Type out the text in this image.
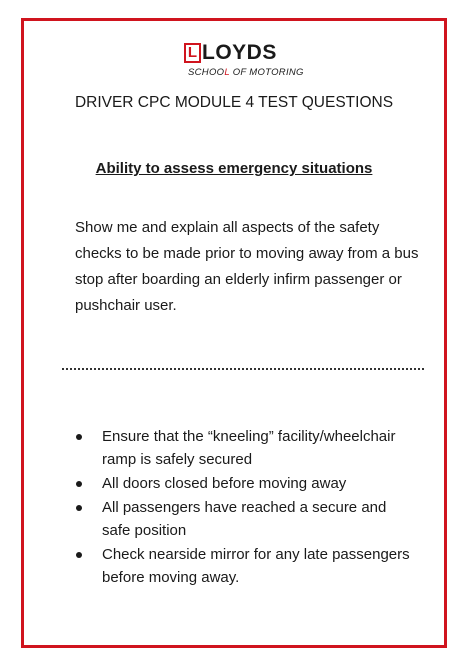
L LOYDS
SCHOOL OF MOTORING
DRIVER CPC MODULE 4 TEST QUESTIONS
Ability to assess emergency situations
Show me and explain all aspects of the safety checks to be made prior to moving away from a bus stop after boarding an elderly infirm passenger or pushchair user.
Ensure that the “kneeling” facility/wheelchair ramp is safely secured
All doors closed before moving away
All passengers have reached a secure and safe position
Check nearside mirror for any late passengers before moving away.
